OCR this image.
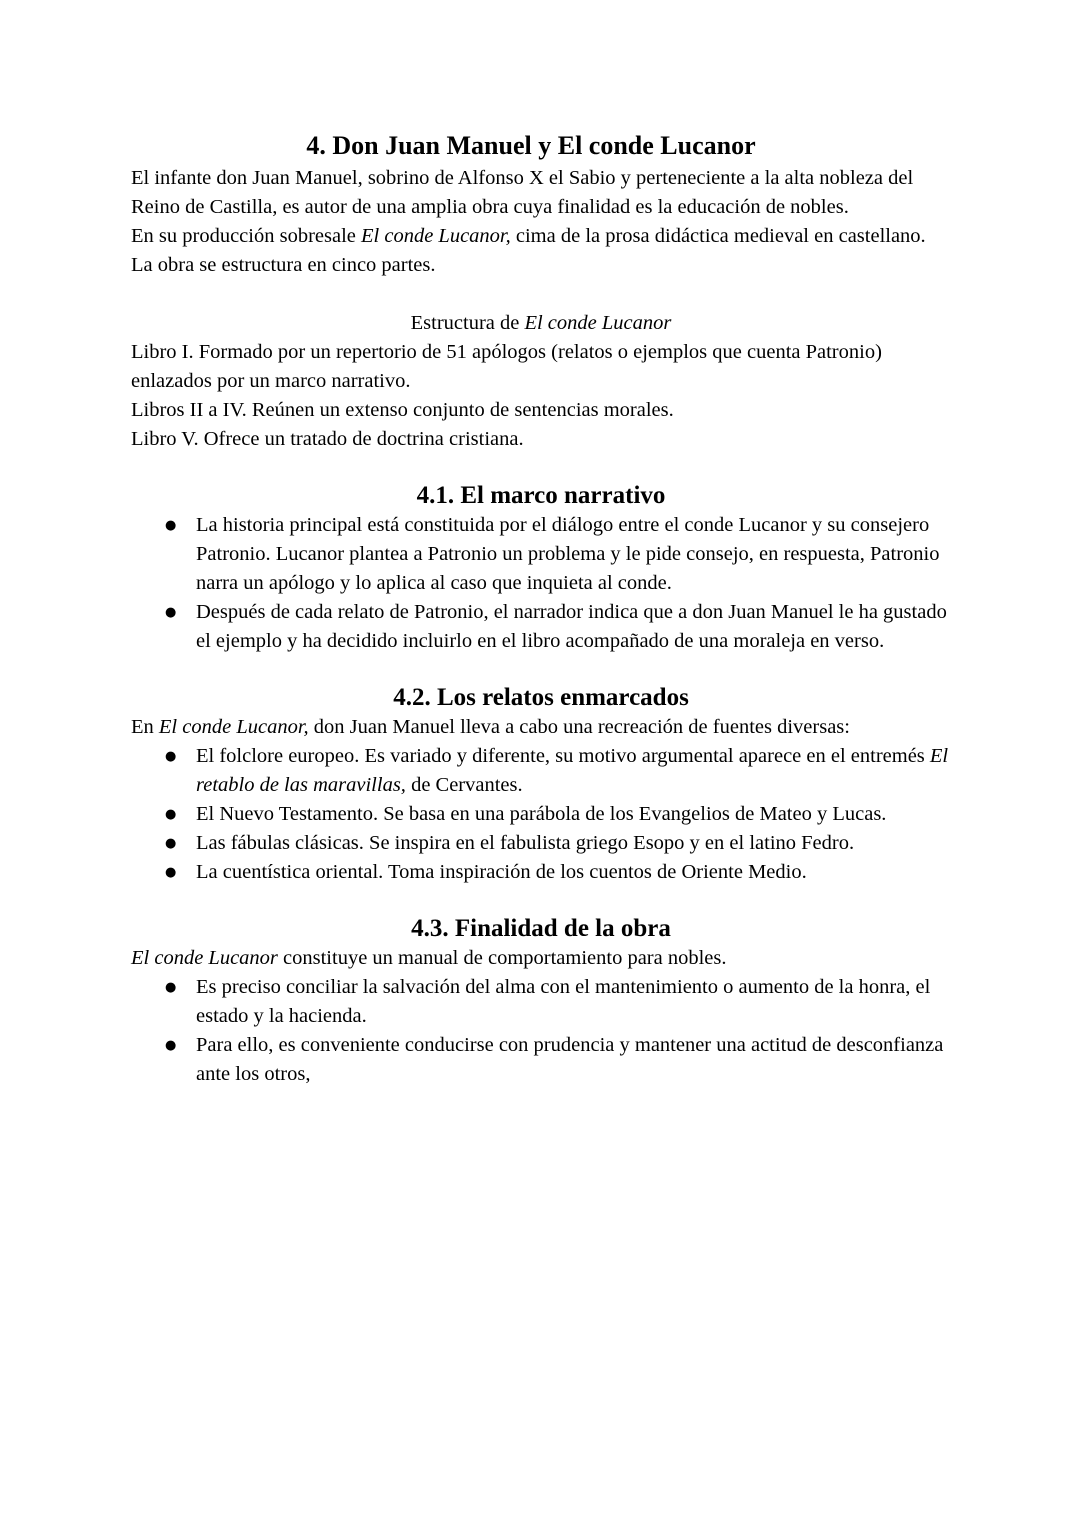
4. Don Juan Manuel y El conde Lucanor

El infante don Juan Manuel, sobrino de Alfonso X el Sabio y perteneciente a la alta nobleza del Reino de Castilla, es autor de una amplia obra cuya finalidad es la educación de nobles.

En su producción sobresale El conde Lucanor, cima de la prosa didáctica medieval en castellano.

La obra se estructura en cinco partes.

Estructura de El conde Lucanor

Libro I. Formado por un repertorio de 51 apólogos (relatos o ejemplos que cuenta Patronio) enlazados por un marco narrativo.

Libros II a IV. Reúnen un extenso conjunto de sentencias morales.

Libro V. Ofrece un tratado de doctrina cristiana.

4.1. El marco narrativo
● La historia principal está constituida por el diálogo entre el conde Lucanor y su consejero Patronio. Lucanor plantea a Patronio un problema y le pide consejo, en respuesta, Patronio narra un apólogo y lo aplica al caso que inquieta al conde.
● Después de cada relato de Patronio, el narrador indica que a don Juan Manuel le ha gustado el ejemplo y ha decidido incluirlo en el libro acompañado de una moraleja en verso.
4.2. Los relatos enmarcados

En El conde Lucanor, don Juan Manuel lleva a cabo una recreación de fuentes diversas:

● El folclore europeo. Es variado y diferente, su motivo argumental aparece en el entremés El retablo de las maravillas, de Cervantes.
● El Nuevo Testamento. Se basa en una parábola de los Evangelios de Mateo y Lucas.
● Las fábulas clásicas. Se inspira en el fabulista griego Esopo y en el latino Fedro.
● La cuentística oriental. Toma inspiración de los cuentos de Oriente Medio.
4.3. Finalidad de la obra

El conde Lucanor constituye un manual de comportamiento para nobles.

● Es preciso conciliar la salvación del alma con el mantenimiento o aumento de la honra, el estado y la hacienda.
● Para ello, es conveniente conducirse con prudencia y mantener una actitud de desconfianza ante los otros,
